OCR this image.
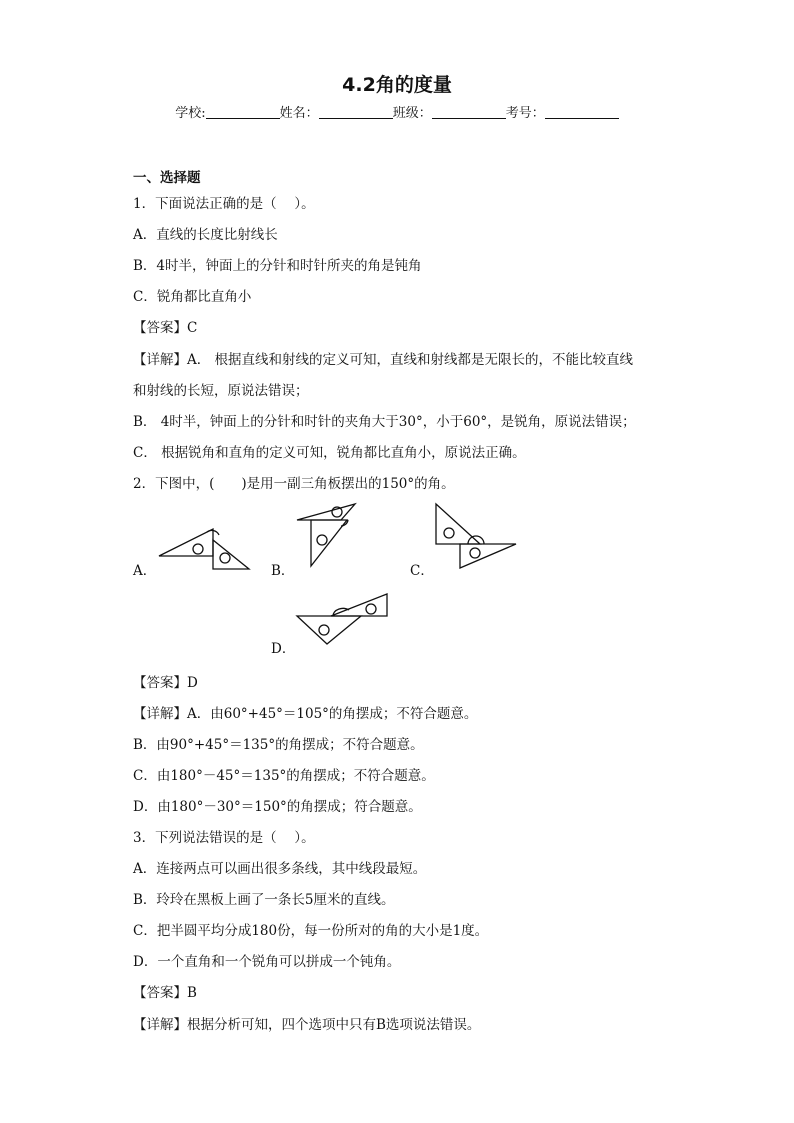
4.2角的度量
学校:	姓名：	班级：	考号：
一、选择题
1．下面说法正确的是（　 ）。
A．直线的长度比射线长
B．4时半，钟面上的分针和时针所夹的角是钝角
C．锐角都比直角小
【答案】C
【详解】A． 根据直线和射线的定义可知，直线和射线都是无限长的，不能比较直线
和射线的长短，原说法错误；
B． 4时半，钟面上的分针和时针的夹角大于30°，小于60°，是锐角，原说法错误；
C． 根据锐角和直角的定义可知，锐角都比直角小，原说法正确。
2．下图中，(　　)是用一副三角板摆出的150°的角。
A．	B．	C．
D．
【答案】D
【详解】A．由60°+45°＝105°的角摆成；不符合题意。
B．由90°+45°＝135°的角摆成；不符合题意。
C．由180°－45°＝135°的角摆成；不符合题意。
D．由180°－30°＝150°的角摆成；符合题意。
3．下列说法错误的是（　 ）。
A．连接两点可以画出很多条线，其中线段最短。
B．玲玲在黑板上画了一条长5厘米的直线。
C．把半圆平均分成180份，每一份所对的角的大小是1度。
D．一个直角和一个锐角可以拼成一个钝角。
【答案】B
【详解】根据分析可知，四个选项中只有B选项说法错误。
